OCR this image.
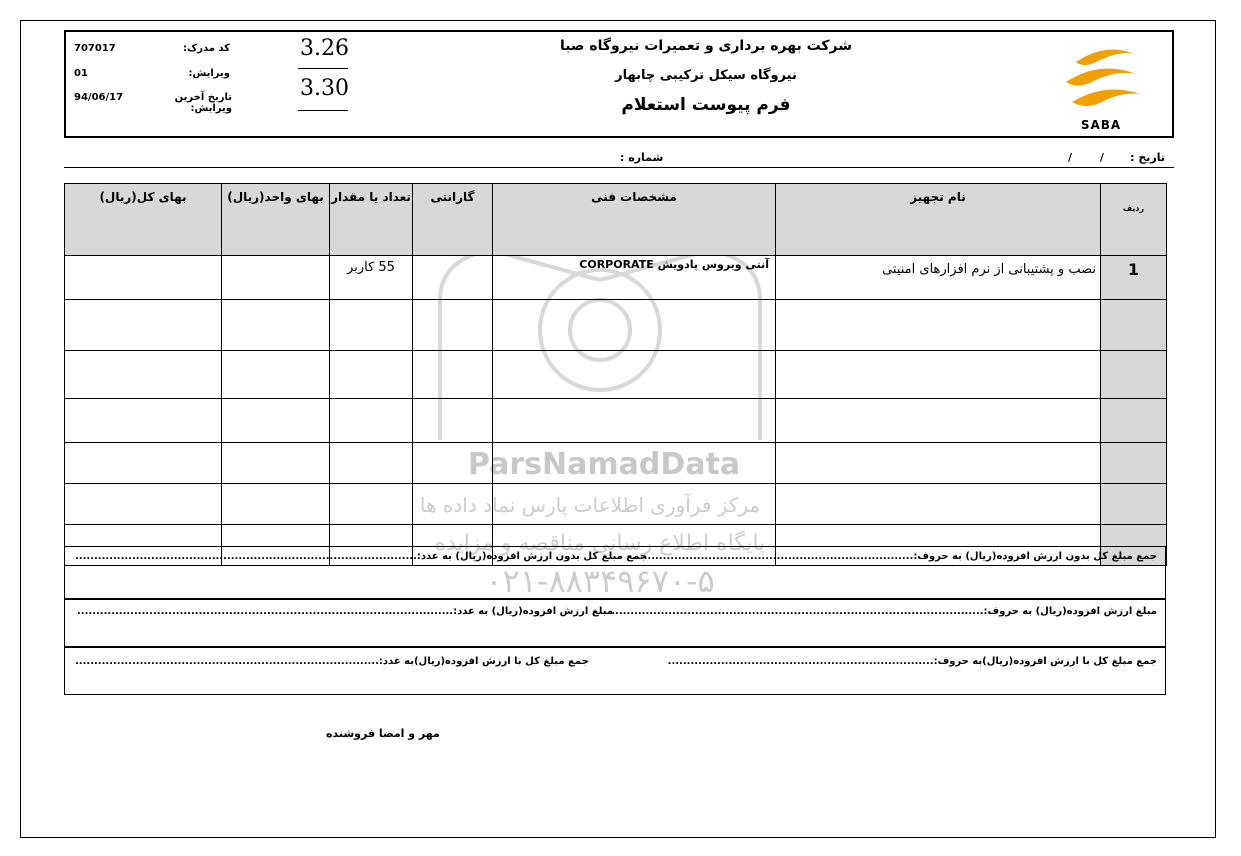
707017	کد مدرک:
01	ویرایش:
94/06/17	تاریخ آخرین ویرایش:
3.26
3.30
شرکت بهره برداری و تعمیرات نیروگاه صبا
نیروگاه سیکل ترکیبی چابهار
فرم پیوست استعلام
SABA
تاریخ :
/ /
شماره :
ParsNamadData
مرکز فرآوری اطلاعات پارس نماد داده ها
پایگاه اطلاع رسانی مناقصه و مزایده
۰۲۱-۸۸۳۴۹۶۷۰-۵
ردیف	نام تجهیز	مشخصات فنی	گارانتی	تعداد یا مقدار	بهای واحد(ریال)	بهای کل(ریال)
1	نصب و پشتیبانی از نرم افزارهای امنیتی	آنتی ویروس پادویش CORPORATE		55 کاربر		

جمع مبلغ کل بدون ارزش افزوده(ریال) به حروف:..........................................................................
جمع مبلغ کل بدون ارزش افزوده(ریال) به عدد:..........................................................................................
مبلغ ارزش افزوده(ریال) به حروف:..................................................................................................
مبلغ ارزش افزوده(ریال) به عدد:...................................................................................................
جمع مبلغ کل با ارزش افزوده(ریال)به حروف:......................................................................
جمع مبلغ کل با ارزش افزوده(ریال)به عدد:................................................................................
مهر و امضا فروشنده
